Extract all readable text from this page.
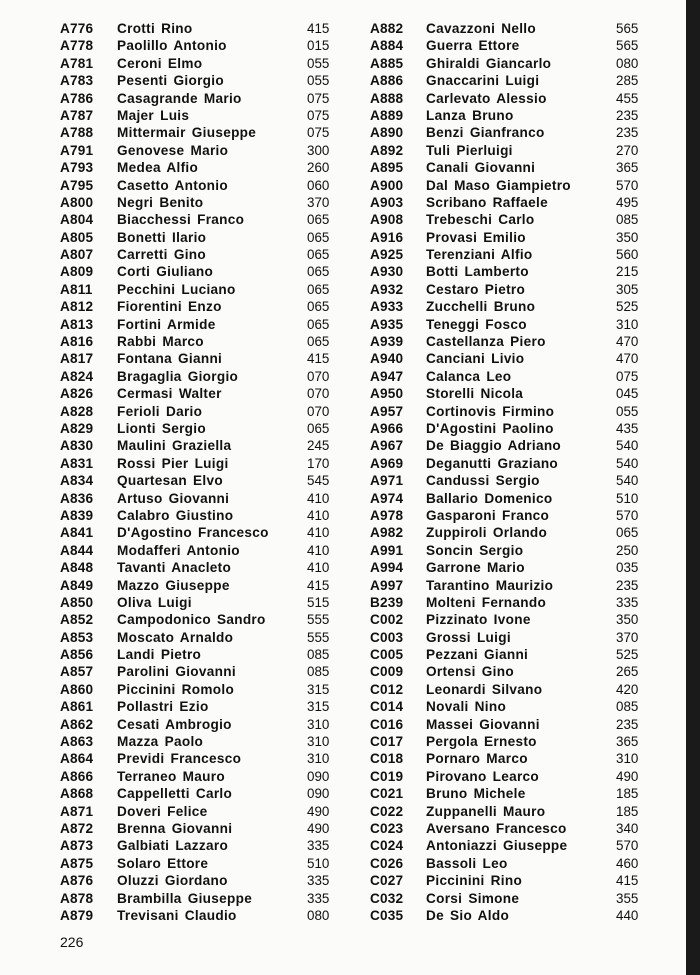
A776 Crotti Rino	415
A778 Paolillo Antonio	015
A781 Ceroni Elmo	055
A783 Pesenti Giorgio	055
A786 Casagrande Mario	075
A787 Majer Luis	075
A788 Mittermair Giuseppe	075
A791 Genovese Mario	300
A793 Medea Alfio	260
A795 Casetto Antonio	060
A800 Negri Benito	370
A804 Biacchessi Franco	065
A805 Bonetti Ilario	065
A807 Carretti Gino	065
A809 Corti Giuliano	065
A811 Pecchini Luciano	065
A812 Fiorentini Enzo	065
A813 Fortini Armide	065
A816 Rabbi Marco	065
A817 Fontana Gianni	415
A824 Bragaglia Giorgio	070
A826 Cermasi Walter	070
A828 Ferioli Dario	070
A829 Lionti Sergio	065
A830 Maulini Graziella	245
A831 Rossi Pier Luigi	170
A834 Quartesan Elvo	545
A836 Artuso Giovanni	410
A839 Calabro Giustino	410
A841 D'Agostino Francesco	410
A844 Modafferi Antonio	410
A848 Tavanti Anacleto	410
A849 Mazzo Giuseppe	415
A850 Oliva Luigi	515
A852 Campodonico Sandro	555
A853 Moscato Arnaldo	555
A856 Landi Pietro	085
A857 Parolini Giovanni	085
A860 Piccinini Romolo	315
A861 Pollastri Ezio	315
A862 Cesati Ambrogio	310
A863 Mazza Paolo	310
A864 Previdi Francesco	310
A866 Terraneo Mauro	090
A868 Cappelletti Carlo	090
A871 Doveri Felice	490
A872 Brenna Giovanni	490
A873 Galbiati Lazzaro	335
A875 Solaro Ettore	510
A876 Oluzzi Giordano	335
A878 Brambilla Giuseppe	335
A879 Trevisani Claudio	080
A882 Cavazzoni Nello	565
A884 Guerra Ettore	565
A885 Ghiraldi Giancarlo	080
A886 Gnaccarini Luigi	285
A888 Carlevato Alessio	455
A889 Lanza Bruno	235
A890 Benzi Gianfranco	235
A892 Tuli Pierluigi	270
A895 Canali Giovanni	365
A900 Dal Maso Giampietro	570
A903 Scribano Raffaele	495
A908 Trebeschi Carlo	085
A916 Provasi Emilio	350
A925 Terenziani Alfio	560
A930 Botti Lamberto	215
A932 Cestaro Pietro	305
A933 Zucchelli Bruno	525
A935 Teneggi Fosco	310
A939 Castellanza Piero	470
A940 Canciani Livio	470
A947 Calanca Leo	075
A950 Storelli Nicola	045
A957 Cortinovis Firmino	055
A966 D'Agostini Paolino	435
A967 De Biaggio Adriano	540
A969 Deganutti Graziano	540
A971 Candussi Sergio	540
A974 Ballario Domenico	510
A978 Gasparoni Franco	570
A982 Zuppiroli Orlando	065
A991 Soncin Sergio	250
A994 Garrone Mario	035
A997 Tarantino Maurizio	235
B239 Molteni Fernando	335
C002 Pizzinato Ivone	350
C003 Grossi Luigi	370
C005 Pezzani Gianni	525
C009 Ortensi Gino	265
C012 Leonardi Silvano	420
C014 Novali Nino	085
C016 Massei Giovanni	235
C017 Pergola Ernesto	365
C018 Pornaro Marco	310
C019 Pirovano Learco	490
C021 Bruno Michele	185
C022 Zuppanelli Mauro	185
C023 Aversano Francesco	340
C024 Antoniazzi Giuseppe	570
C026 Bassoli Leo	460
C027 Piccinini Rino	415
C032 Corsi Simone	355
C035 De Sio Aldo	440
226
